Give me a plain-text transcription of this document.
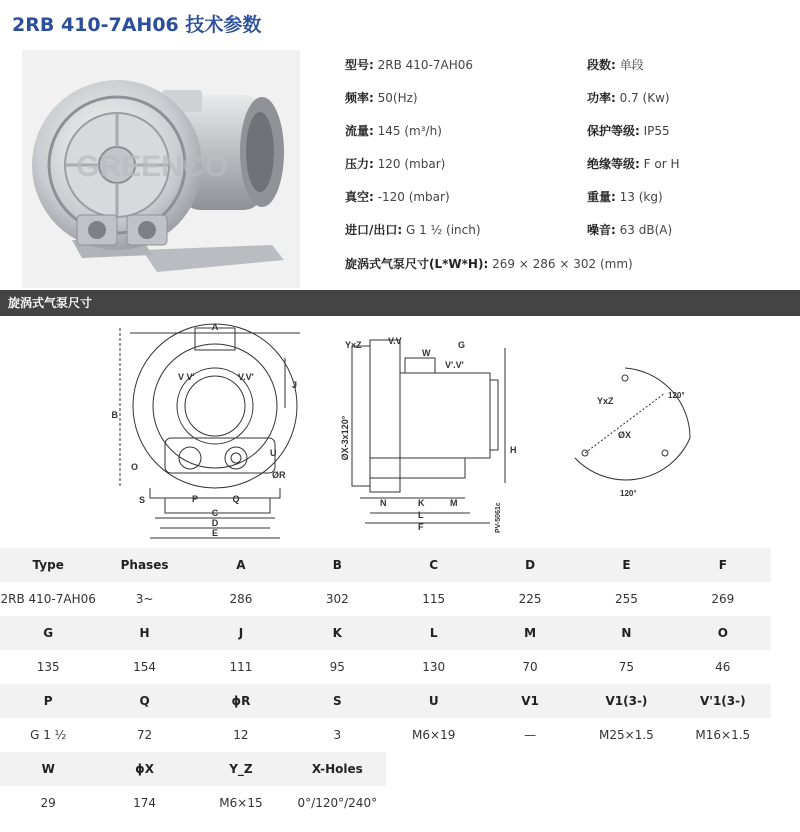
2RB 410-7AH06 技术参数
GREENCO
型号: 2RB 410-7AH06	段数: 单段
频率: 50(Hz)	功率: 0.7 (Kw)
流量: 145 (m³/h)	保护等级: IP55
压力: 120 (mbar)	绝缘等级: F or H
真空: -120 (mbar)	重量: 13 (kg)
进口/出口: G 1 ½ (inch)	噪音: 63 dB(A)
旋涡式气泵尺寸(L*W*H): 269 × 286 × 302 (mm)
旋涡式气泵尺寸
A
B
V V'	V.V'
J
U
ØR
O
S	P	Q
C
D
E
YxZ	V.V
W
G
V'.V'
ØX-3x120°	H
N	K	M
L
F	PV-5061c
YxZ
120°
ØX
120°
Type	Phases	A	B	C	D	E	F
2RB 410-7AH06	3~	286	302	115	225	255	269
G	H	J	K	L	M	N	O
135	154	111	95	130	70	75	46
P	Q	ϕR	S	U	V1	V1(3-)	V'1(3-)
G 1 ½	72	12	3	M6×19	—	M25×1.5	M16×1.5
W	ϕX	Y_Z	X-Holes				
29	174	M6×15	0°/120°/240°				
